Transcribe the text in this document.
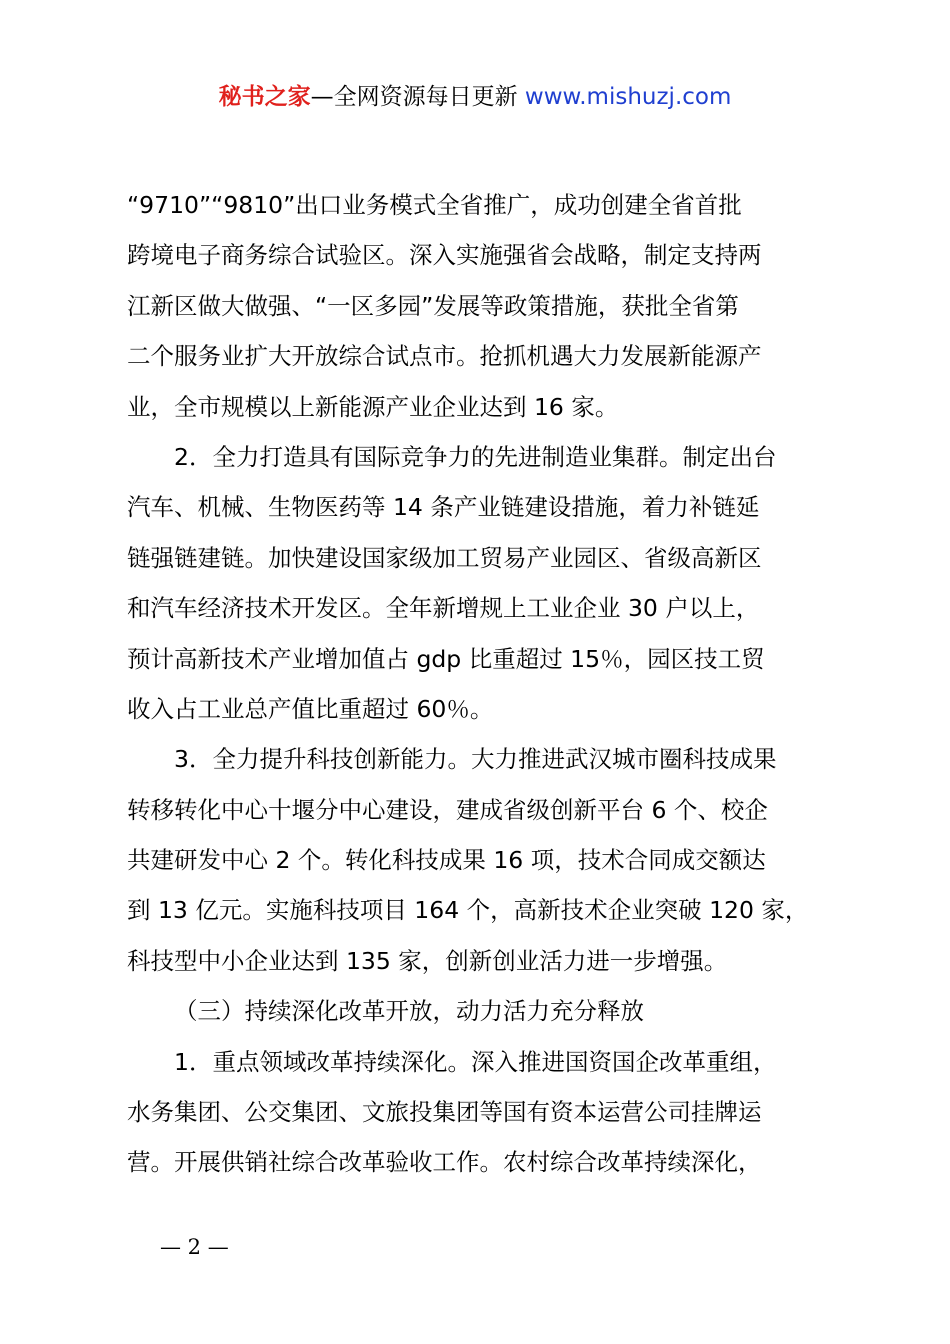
秘书之家—全网资源每日更新 www.mishuzj.com
“9710”“9810”出口业务模式全省推广，成功创建全省首批
跨境电子商务综合试验区。深入实施强省会战略，制定支持两
江新区做大做强、“一区多园”发展等政策措施，获批全省第
二个服务业扩大开放综合试点市。抢抓机遇大力发展新能源产
业，全市规模以上新能源产业企业达到 16 家。
2．全力打造具有国际竞争力的先进制造业集群。制定出台
汽车、机械、生物医药等 14 条产业链建设措施，着力补链延
链强链建链。加快建设国家级加工贸易产业园区、省级高新区
和汽车经济技术开发区。全年新增规上工业企业 30 户以上，
预计高新技术产业增加值占 gdp 比重超过 15％，园区技工贸
收入占工业总产值比重超过 60％。
3．全力提升科技创新能力。大力推进武汉城市圈科技成果
转移转化中心十堰分中心建设，建成省级创新平台 6 个、校企
共建研发中心 2 个。转化科技成果 16 项，技术合同成交额达
到 13 亿元。实施科技项目 164 个，高新技术企业突破 120 家，
科技型中小企业达到 135 家，创新创业活力进一步增强。
（三）持续深化改革开放，动力活力充分释放
1．重点领域改革持续深化。深入推进国资国企改革重组，
水务集团、公交集团、文旅投集团等国有资本运营公司挂牌运
营。开展供销社综合改革验收工作。农村综合改革持续深化，
— 2 —
